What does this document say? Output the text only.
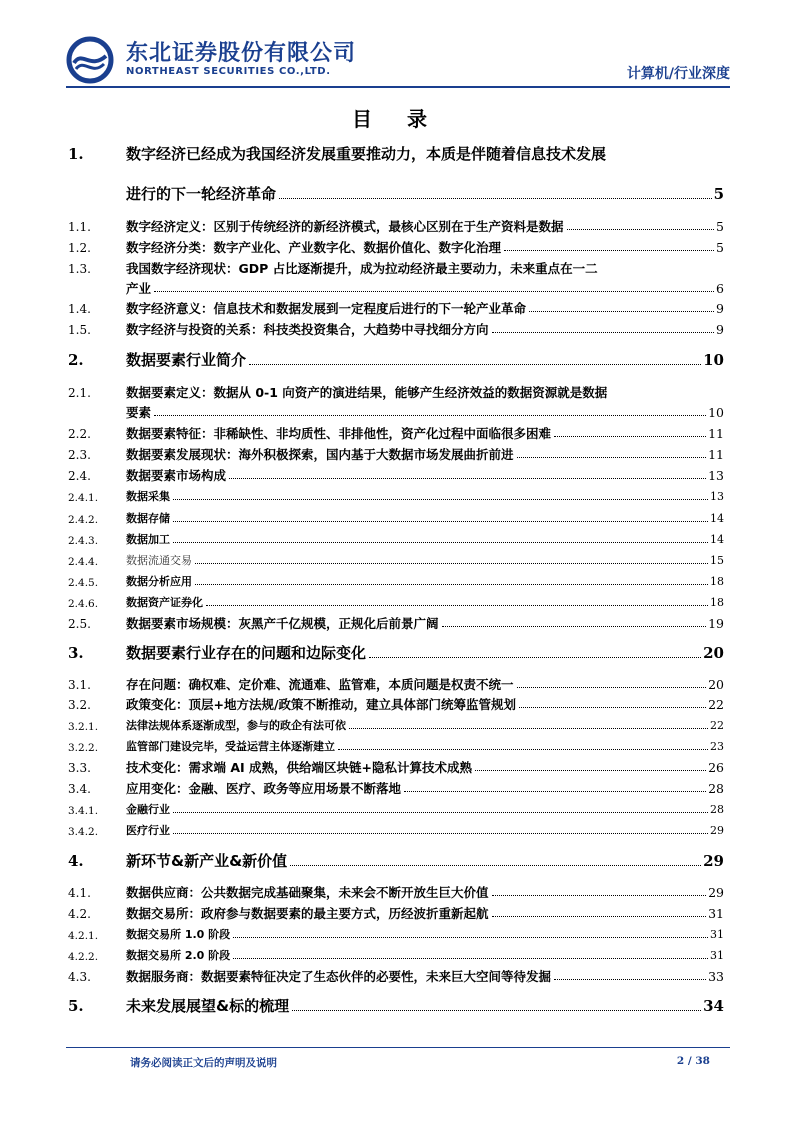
东北证券股份有限公司
NORTHEAST SECURITIES CO.,LTD.	计算机/行业深度
目 录
1.	数字经济已经成为我国经济发展重要推动力，本质是伴随着信息技术发展
进行的下一轮经济革命	5
1.1.	数字经济定义：区别于传统经济的新经济模式，最核心区别在于生产资料是数据	5
1.2.	数字经济分类：数字产业化、产业数字化、数据价值化、数字化治理	5
1.3.	我国数字经济现状：GDP 占比逐渐提升，成为拉动经济最主要动力，未来重点在一二
产业	6
1.4.	数字经济意义：信息技术和数据发展到一定程度后进行的下一轮产业革命	9
1.5.	数字经济与投资的关系：科技类投资集合，大趋势中寻找细分方向	9
2.	数据要素行业简介	10
2.1.	数据要素定义：数据从 0-1 向资产的演进结果，能够产生经济效益的数据资源就是数据
要素	10
2.2.	数据要素特征：非稀缺性、非均质性、非排他性，资产化过程中面临很多困难	11
2.3.	数据要素发展现状：海外积极探索，国内基于大数据市场发展曲折前进	11
2.4.	数据要素市场构成	13
2.4.1.	数据采集	13
2.4.2.	数据存储	14
2.4.3.	数据加工	14
2.4.4.	数据流通交易	15
2.4.5.	数据分析应用	18
2.4.6.	数据资产证券化	18
2.5.	数据要素市场规模：灰黑产千亿规模，正规化后前景广阔	19
3.	数据要素行业存在的问题和边际变化	20
3.1.	存在问题：确权难、定价难、流通难、监管难，本质问题是权责不统一	20
3.2.	政策变化：顶层+地方法规/政策不断推动，建立具体部门统筹监管规划	22
3.2.1.	法律法规体系逐渐成型，参与的政企有法可依	22
3.2.2.	监管部门建设完毕，受益运营主体逐渐建立	23
3.3.	技术变化：需求端 AI 成熟，供给端区块链+隐私计算技术成熟	26
3.4.	应用变化：金融、医疗、政务等应用场景不断落地	28
3.4.1.	金融行业	28
3.4.2.	医疗行业	29
4.	新环节&新产业&新价值	29
4.1.	数据供应商：公共数据完成基础聚集，未来会不断开放生巨大价值	29
4.2.	数据交易所：政府参与数据要素的最主要方式，历经波折重新起航	31
4.2.1.	数据交易所 1.0 阶段	31
4.2.2.	数据交易所 2.0 阶段	31
4.3.	数据服务商：数据要素特征决定了生态伙伴的必要性，未来巨大空间等待发掘	33
5.	未来发展展望&标的梳理	34
请务必阅读正文后的声明及说明	2 / 38
